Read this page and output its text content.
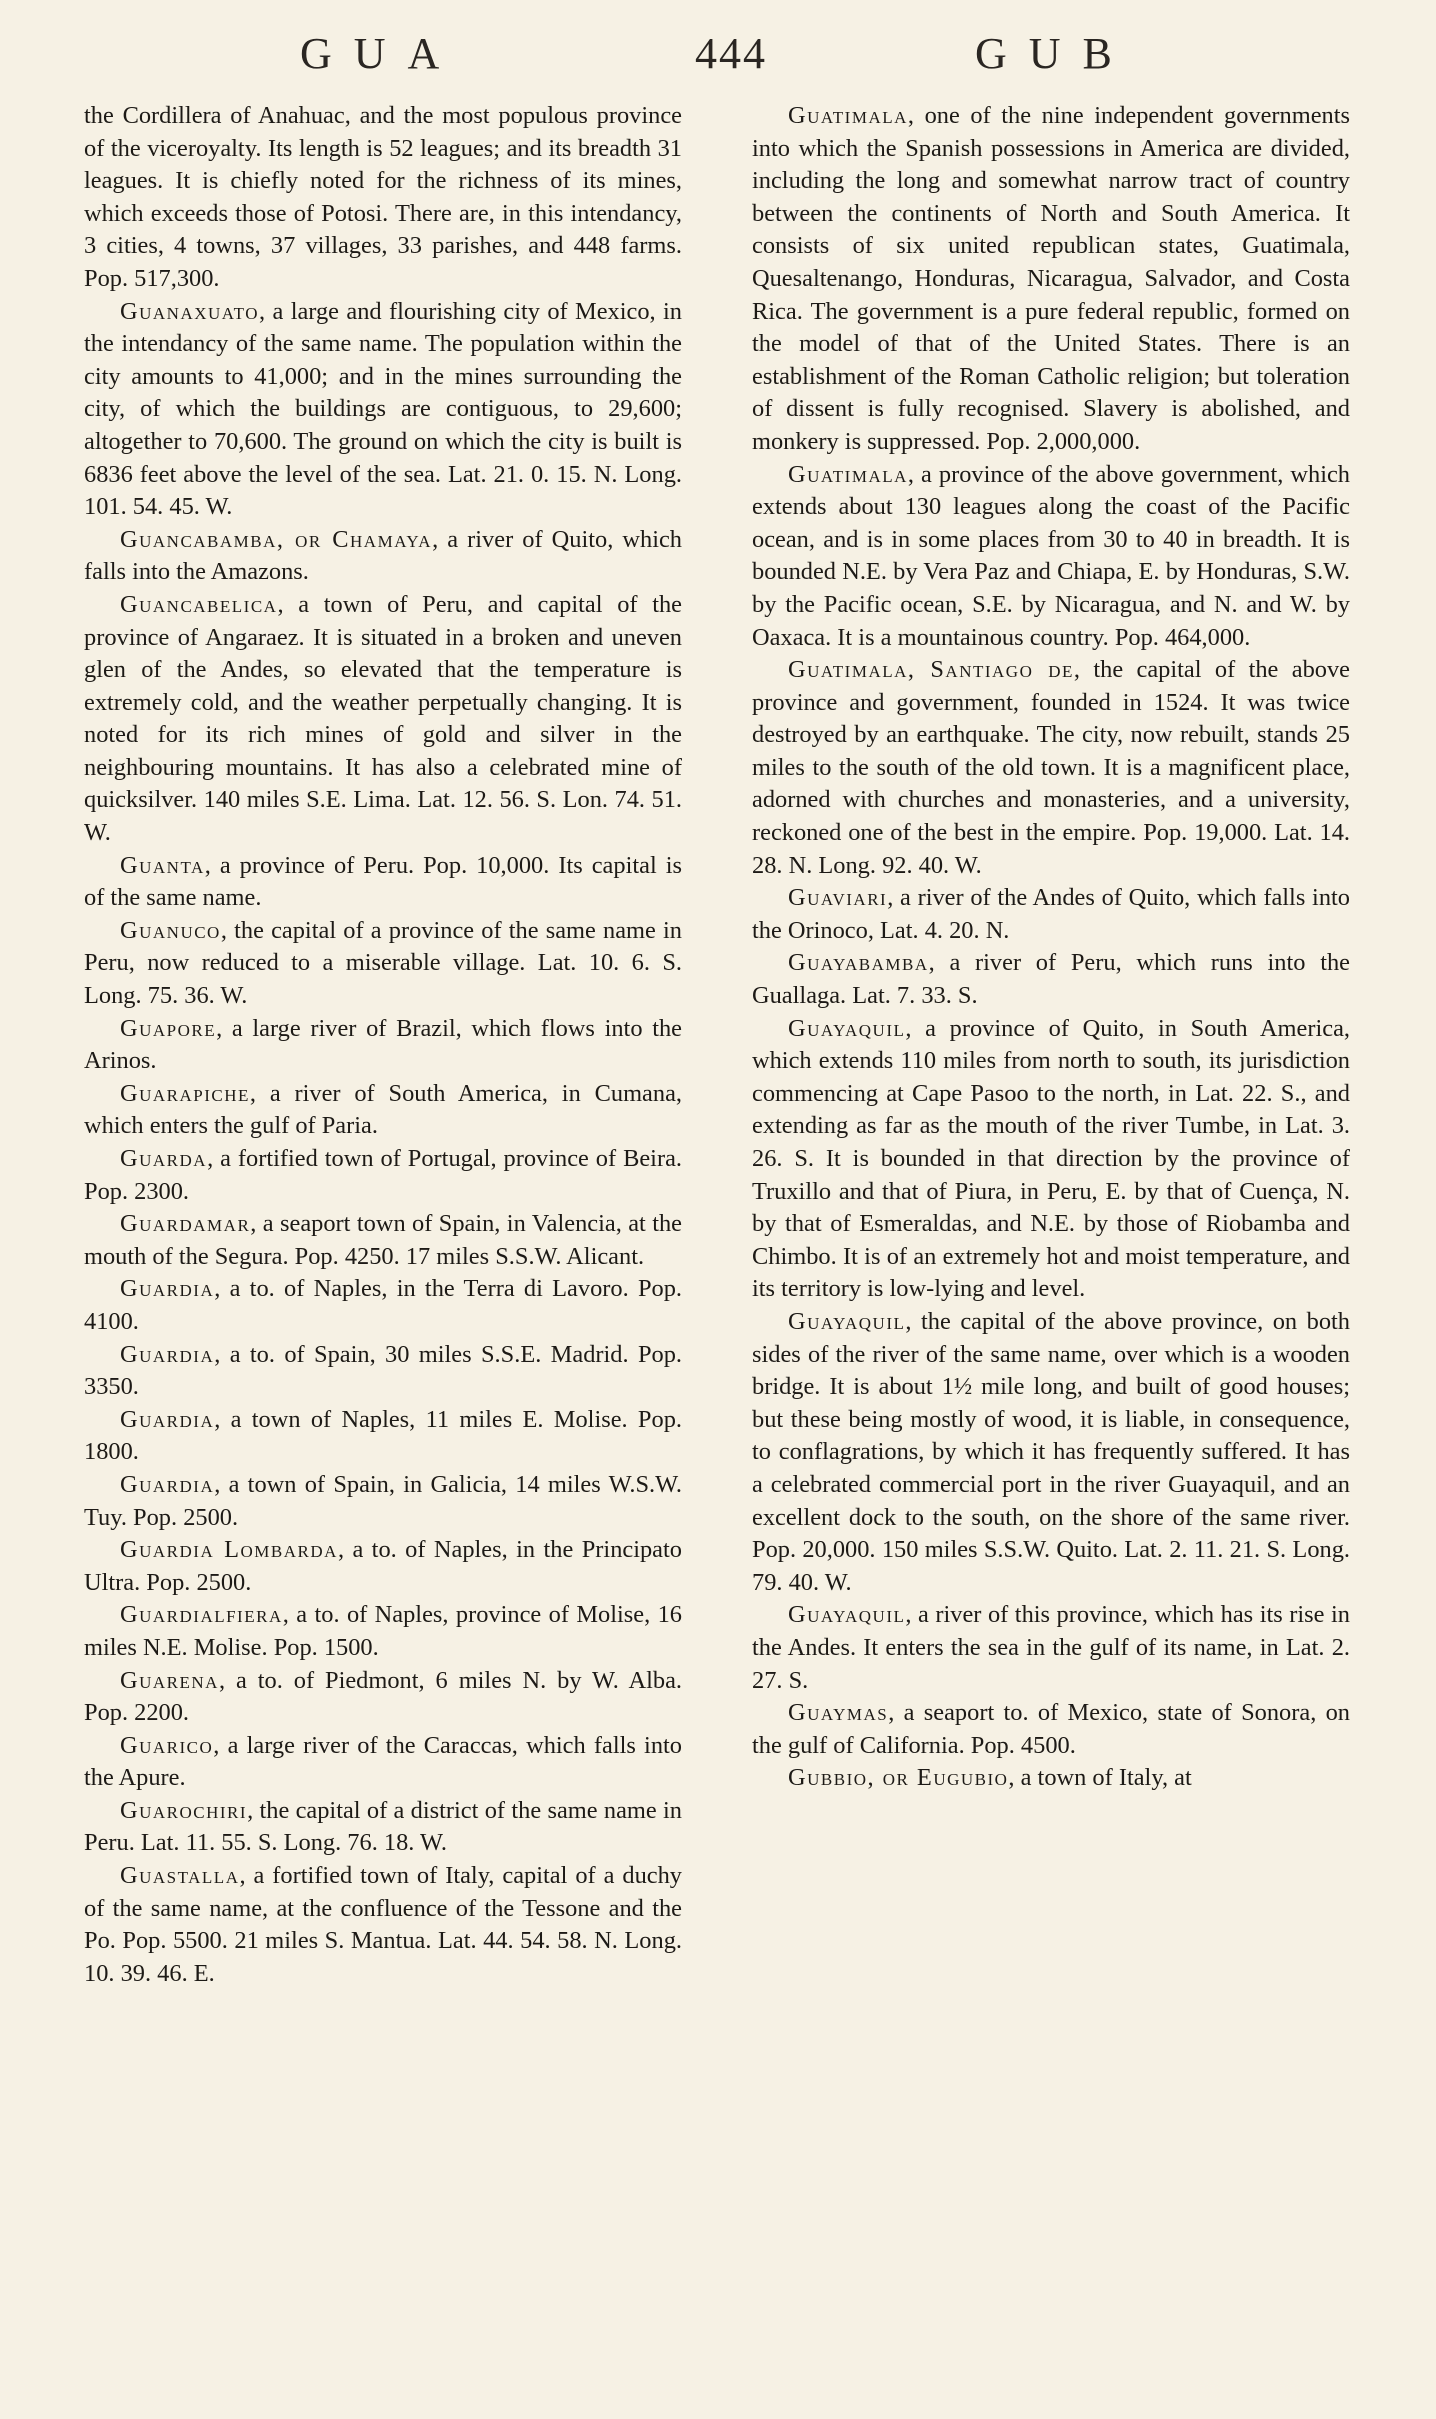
GUA	444	GUB

the Cordillera of Anahuac, and the most populous province of the viceroyalty. Its length is 52 leagues; and its breadth 31 leagues. It is chiefly noted for the richness of its mines, which exceeds those of Potosi. There are, in this intendancy, 3 cities, 4 towns, 37 villages, 33 parishes, and 448 farms. Pop. 517,300.

Guanaxuato, a large and flourishing city of Mexico, in the intendancy of the same name. The population within the city amounts to 41,000; and in the mines surrounding the city, of which the buildings are contiguous, to 29,600; altogether to 70,600. The ground on which the city is built is 6836 feet above the level of the sea. Lat. 21. 0. 15. N. Long. 101. 54. 45. W.

Guancabamba, or Chamaya, a river of Quito, which falls into the Amazons.

Guancabelica, a town of Peru, and capital of the province of Angaraez. It is situated in a broken and uneven glen of the Andes, so elevated that the temperature is extremely cold, and the weather perpetually changing. It is noted for its rich mines of gold and silver in the neighbouring mountains. It has also a celebrated mine of quicksilver. 140 miles S.E. Lima. Lat. 12. 56. S. Lon. 74. 51. W.

Guanta, a province of Peru. Pop. 10,000. Its capital is of the same name.

Guanuco, the capital of a province of the same name in Peru, now reduced to a miserable village. Lat. 10. 6. S. Long. 75. 36. W.

Guapore, a large river of Brazil, which flows into the Arinos.

Guarapiche, a river of South America, in Cumana, which enters the gulf of Paria.

Guarda, a fortified town of Portugal, province of Beira. Pop. 2300.

Guardamar, a seaport town of Spain, in Valencia, at the mouth of the Segura. Pop. 4250. 17 miles S.S.W. Alicant.

Guardia, a to. of Naples, in the Terra di Lavoro. Pop. 4100.

Guardia, a to. of Spain, 30 miles S.S.E. Madrid. Pop. 3350.

Guardia, a town of Naples, 11 miles E. Molise. Pop. 1800.

Guardia, a town of Spain, in Galicia, 14 miles W.S.W. Tuy. Pop. 2500.

Guardia Lombarda, a to. of Naples, in the Principato Ultra. Pop. 2500.

Guardialfiera, a to. of Naples, province of Molise, 16 miles N.E. Molise. Pop. 1500.

Guarena, a to. of Piedmont, 6 miles N. by W. Alba. Pop. 2200.

Guarico, a large river of the Caraccas, which falls into the Apure.

Guarochiri, the capital of a district of the same name in Peru. Lat. 11. 55. S. Long. 76. 18. W.

Guastalla, a fortified town of Italy, capital of a duchy of the same name, at the confluence of the Tessone and the Po. Pop. 5500. 21 miles S. Mantua. Lat. 44. 54. 58. N. Long. 10. 39. 46. E.

Guatimala, one of the nine independent governments into which the Spanish possessions in America are divided, including the long and somewhat narrow tract of country between the continents of North and South America. It consists of six united republican states, Guatimala, Quesaltenango, Honduras, Nicaragua, Salvador, and Costa Rica. The government is a pure federal republic, formed on the model of that of the United States. There is an establishment of the Roman Catholic religion; but toleration of dissent is fully recognised. Slavery is abolished, and monkery is suppressed. Pop. 2,000,000.

Guatimala, a province of the above government, which extends about 130 leagues along the coast of the Pacific ocean, and is in some places from 30 to 40 in breadth. It is bounded N.E. by Vera Paz and Chiapa, E. by Honduras, S.W. by the Pacific ocean, S.E. by Nicaragua, and N. and W. by Oaxaca. It is a mountainous country. Pop. 464,000.

Guatimala, Santiago de, the capital of the above province and government, founded in 1524. It was twice destroyed by an earthquake. The city, now rebuilt, stands 25 miles to the south of the old town. It is a magnificent place, adorned with churches and monasteries, and a university, reckoned one of the best in the empire. Pop. 19,000. Lat. 14. 28. N. Long. 92. 40. W.

Guaviari, a river of the Andes of Quito, which falls into the Orinoco, Lat. 4. 20. N.

Guayabamba, a river of Peru, which runs into the Guallaga. Lat. 7. 33. S.

Guayaquil, a province of Quito, in South America, which extends 110 miles from north to south, its jurisdiction commencing at Cape Pasoo to the north, in Lat. 22. S., and extending as far as the mouth of the river Tumbe, in Lat. 3. 26. S. It is bounded in that direction by the province of Truxillo and that of Piura, in Peru, E. by that of Cuença, N. by that of Esmeraldas, and N.E. by those of Riobamba and Chimbo. It is of an extremely hot and moist temperature, and its territory is low-lying and level.

Guayaquil, the capital of the above province, on both sides of the river of the same name, over which is a wooden bridge. It is about 1½ mile long, and built of good houses; but these being mostly of wood, it is liable, in consequence, to conflagrations, by which it has frequently suffered. It has a celebrated commercial port in the river Guayaquil, and an excellent dock to the south, on the shore of the same river. Pop. 20,000. 150 miles S.S.W. Quito. Lat. 2. 11. 21. S. Long. 79. 40. W.

Guayaquil, a river of this province, which has its rise in the Andes. It enters the sea in the gulf of its name, in Lat. 2. 27. S.

Guaymas, a seaport to. of Mexico, state of Sonora, on the gulf of California. Pop. 4500.

Gubbio, or Eugubio, a town of Italy, at
